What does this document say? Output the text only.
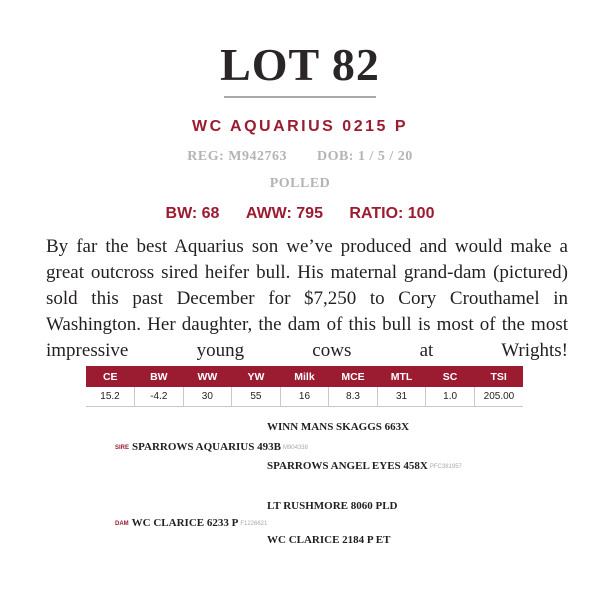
LOT 82
WC AQUARIUS 0215 P
REG: M942763 DOB: 1 / 5 / 20
POLLED
BW: 68 AWW: 795 RATIO: 100
By far the best Aquarius son we’ve produced and would make a great outcross sired heifer bull. His maternal grand-dam (pictured) sold this past December for $7,250 to Cory Crouthamel in Washington. Her daughter, the dam of this bull is most of the most impressive young cows at Wrights!
CE	BW	WW	YW	Milk	MCE	MTL	SC	TSI
15.2	-4.2	30	55	16	8.3	31	1.0	205.00
WINN MANS SKAGGS 663X
SIRE SPARROWS AQUARIUS 493B M904338
SPARROWS ANGEL EYES 458X PFC381957
LT RUSHMORE 8060 PLD
DAM WC CLARICE 6233 P F1226621
WC CLARICE 2184 P ET
